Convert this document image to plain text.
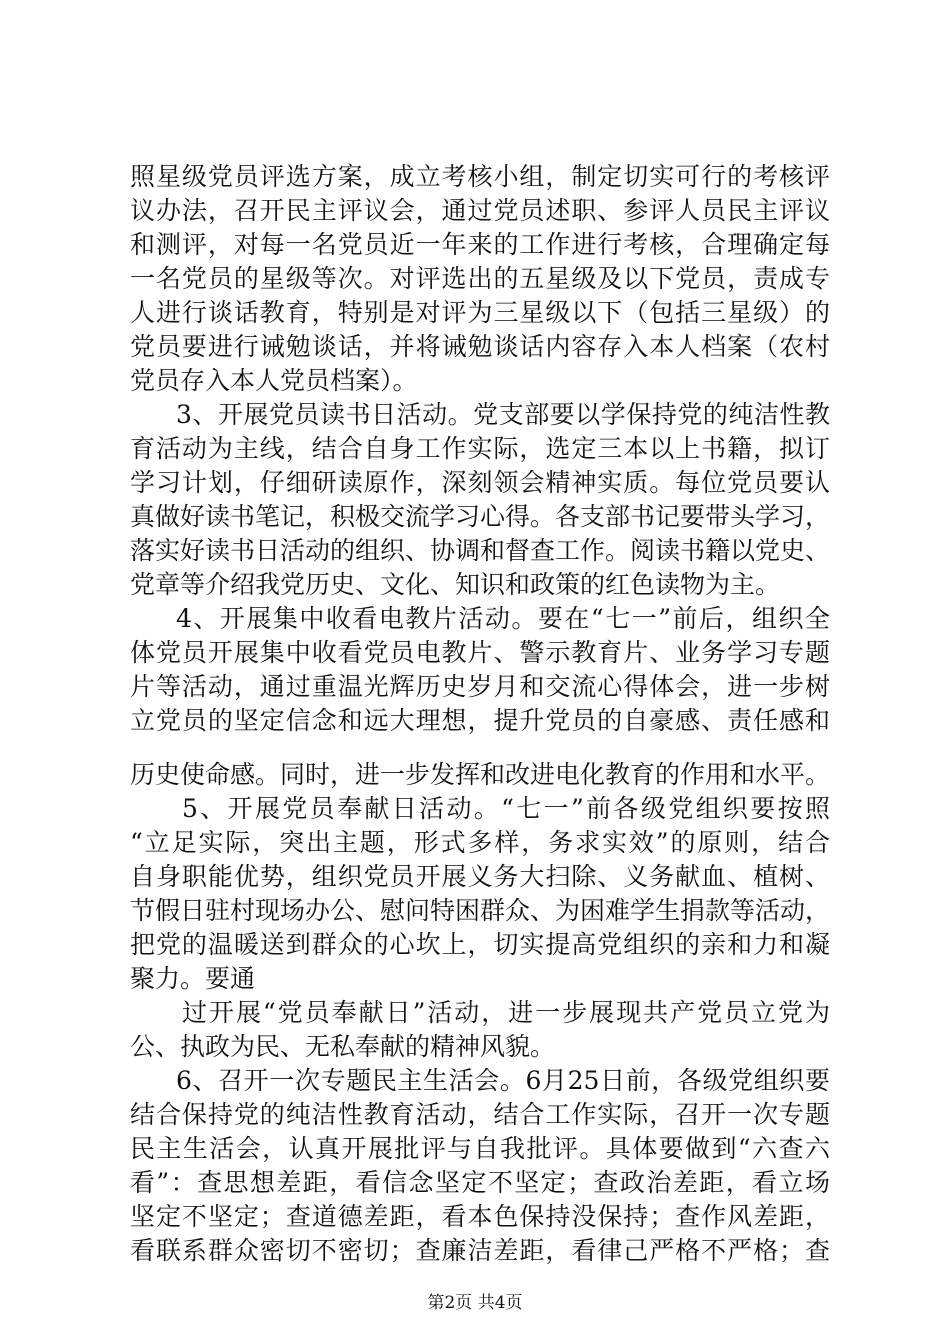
照星级党员评选方案，成立考核小组，制定切实可行的考核评
议办法，召开民主评议会，通过党员述职、参评人员民主评议
和测评，对每一名党员近一年来的工作进行考核，合理确定每
一名党员的星级等次。对评选出的五星级及以下党员，责成专
人进行谈话教育，特别是对评为三星级以下（包括三星级）的
党员要进行诫勉谈话，并将诫勉谈话内容存入本人档案（农村
党员存入本人党员档案）。
3、开展党员读书日活动。党支部要以学保持党的纯洁性教
育活动为主线，结合自身工作实际，选定三本以上书籍，拟订
学习计划，仔细研读原作，深刻领会精神实质。每位党员要认
真做好读书笔记，积极交流学习心得。各支部书记要带头学习，
落实好读书日活动的组织、协调和督查工作。阅读书籍以党史、
党章等介绍我党历史、文化、知识和政策的红色读物为主。
4、开展集中收看电教片活动。要在“七一”前后，组织全
体党员开展集中收看党员电教片、警示教育片、业务学习专题
片等活动，通过重温光辉历史岁月和交流心得体会，进一步树
立党员的坚定信念和远大理想，提升党员的自豪感、责任感和
历史使命感。同时，进一步发挥和改进电化教育的作用和水平。
5、开展党员奉献日活动。“七一”前各级党组织要按照
“立足实际，突出主题，形式多样，务求实效”的原则，结合
自身职能优势，组织党员开展义务大扫除、义务献血、植树、
节假日驻村现场办公、慰问特困群众、为困难学生捐款等活动，
把党的温暖送到群众的心坎上，切实提高党组织的亲和力和凝
聚力。要通
过开展“党员奉献日”活动，进一步展现共产党员立党为
公、执政为民、无私奉献的精神风貌。
6、召开一次专题民主生活会。6月25日前，各级党组织要
结合保持党的纯洁性教育活动，结合工作实际，召开一次专题
民主生活会，认真开展批评与自我批评。具体要做到“六查六
看”：查思想差距，看信念坚定不坚定；查政治差距，看立场
坚定不坚定；查道德差距，看本色保持没保持；查作风差距，
看联系群众密切不密切；查廉洁差距，看律己严格不严格；查
第2页 共4页
